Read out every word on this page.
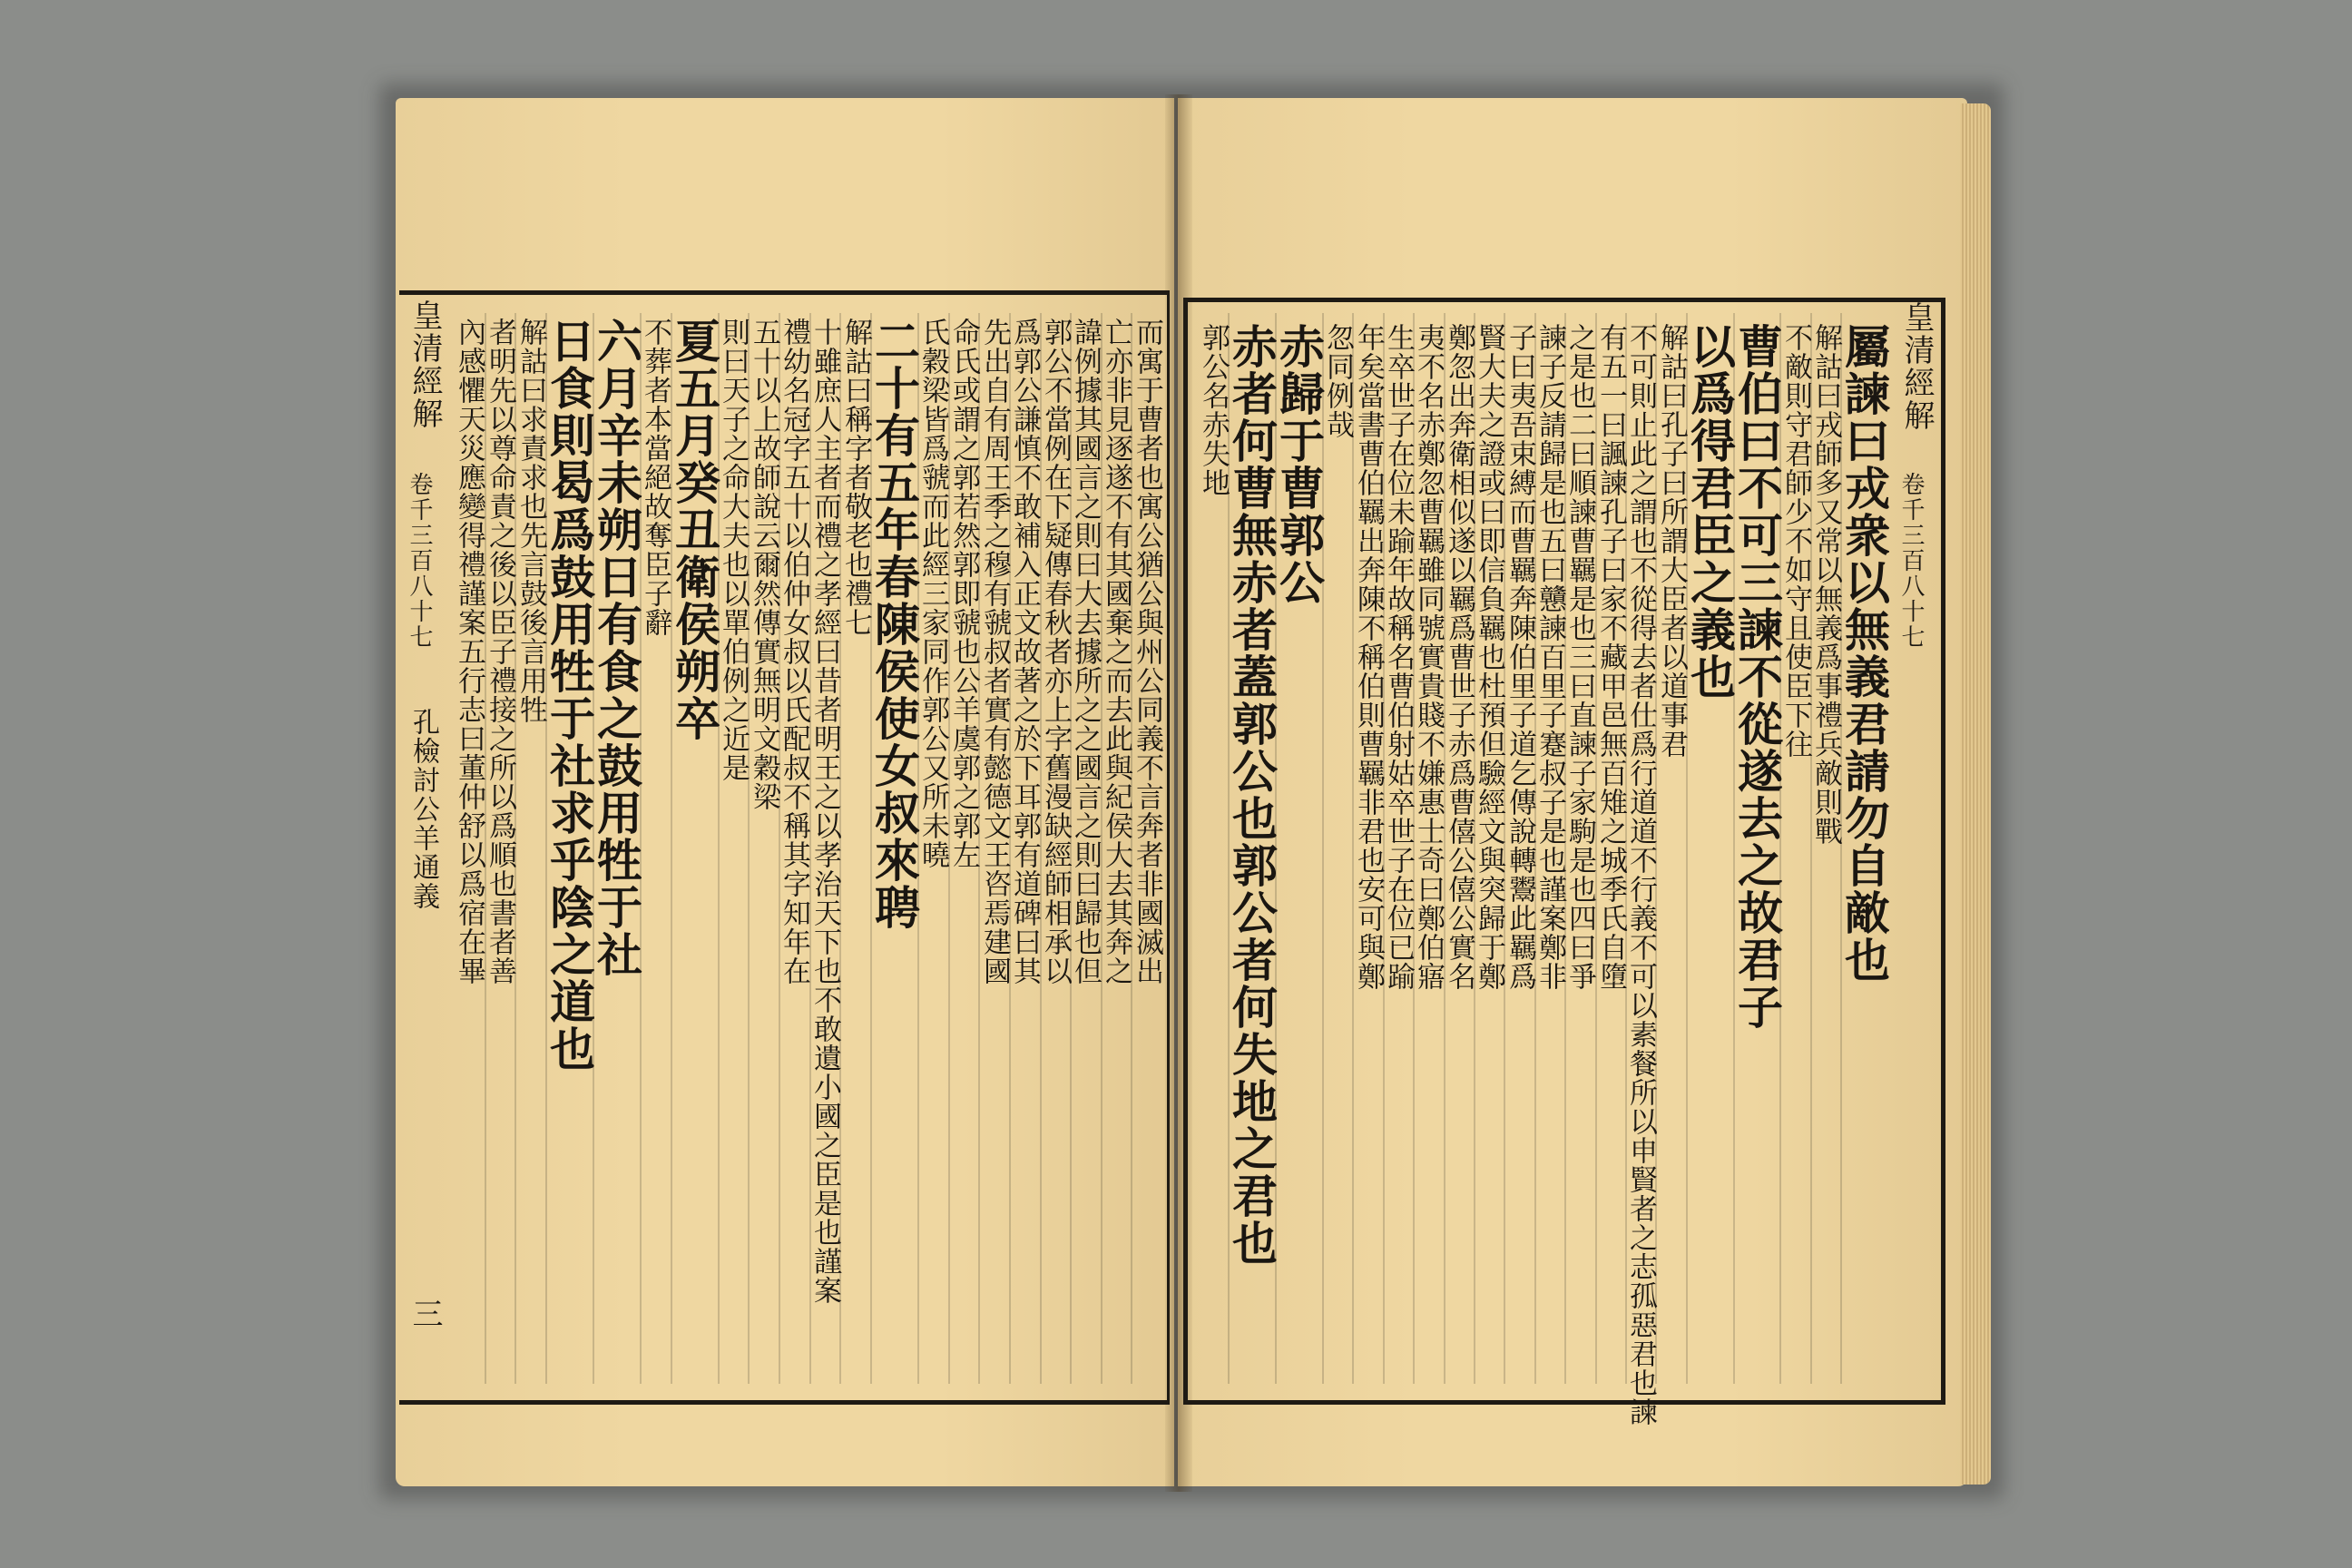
皇清經解
卷千三百八十七
孔檢討公羊通義
三
皇清經解
卷千三百八十七
而寓于曹者也寓公猶公與州公同義不言奔者非國滅出
亡亦非見逐遂不有其國棄之而去此與紀侯大去其奔之
諱例據其國言之則曰大去據所之之國言之則曰歸也但
郭公不當例在下疑傳春秋者亦上字舊漫缺經師相承以
爲郭公謙慎不敢補入正文故著之於下耳郭有道碑曰其
先出自有周王季之穆有虢叔者實有懿德文王咨焉建國
命氏或謂之郭若然郭即虢也公羊虞郭之郭左
氏穀梁皆爲虢而此經三家同作郭公又所未曉
二十有五年春陳侯使女叔來聘
解詁曰稱字者敬老也禮七
十雖庶人主者而禮之孝經曰昔者明王之以孝治天下也不敢遺小國之臣是也謹案
禮幼名冠字五十以伯仲女叔以氏配叔不稱其字知年在
五十以上故師說云爾然傳實無明文穀梁
則曰天子之命大夫也以單伯例之近是
夏五月癸丑衛侯朔卒
不葬者本當絕故奪臣子辭
六月辛未朔日有食之鼓用牲于社
日食則曷爲鼓用牲于社求乎陰之道也
解詁曰求責求也先言鼓後言用牲
者明先以尊命責之後以臣子禮接之所以爲順也書者善
內感懼天災應變得禮謹案五行志曰董仲舒以爲宿在畢	屬諫曰戎衆以無義君請勿自敵也
解詁曰戎師多又常以無義爲事禮兵敵則戰
不敵則守君師少不如守且使臣下往
曹伯曰不可三諫不從遂去之故君子
以爲得君臣之義也
解詁曰孔子曰所謂大臣者以道事君
不可則止此之謂也不從得去者仕爲行道道不行義不可以素餐所以申賢者之志孤惡君也諫
有五一曰諷諫孔子曰家不藏甲邑無百雉之城季氏自墮
之是也二曰順諫曹羈是也三曰直諫子家駒是也四曰爭
諫子反請歸是也五曰戇諫百里子蹇叔子是也謹案鄭非
子曰夷吾束縛而曹羈奔陳伯里子道乞傳說轉鬻此羈爲
賢大夫之證或曰即信負羈也杜預但驗經文與突歸于鄭
鄭忽出奔衛相似遂以羈爲曹世子赤爲曹僖公僖公實名
夷不名赤鄭忽曹羈雖同號實貴賤不嫌惠士奇曰鄭伯寤
生卒世子在位未踰年故稱名曹伯射姑卒世子在位已踰
年矣當書曹伯羈出奔陳不稱伯則曹羈非君也安可與鄭
忽同例哉
赤歸于曹郭公
赤者何曹無赤者蓋郭公也郭公者何失地之君也
郭公名赤失地
